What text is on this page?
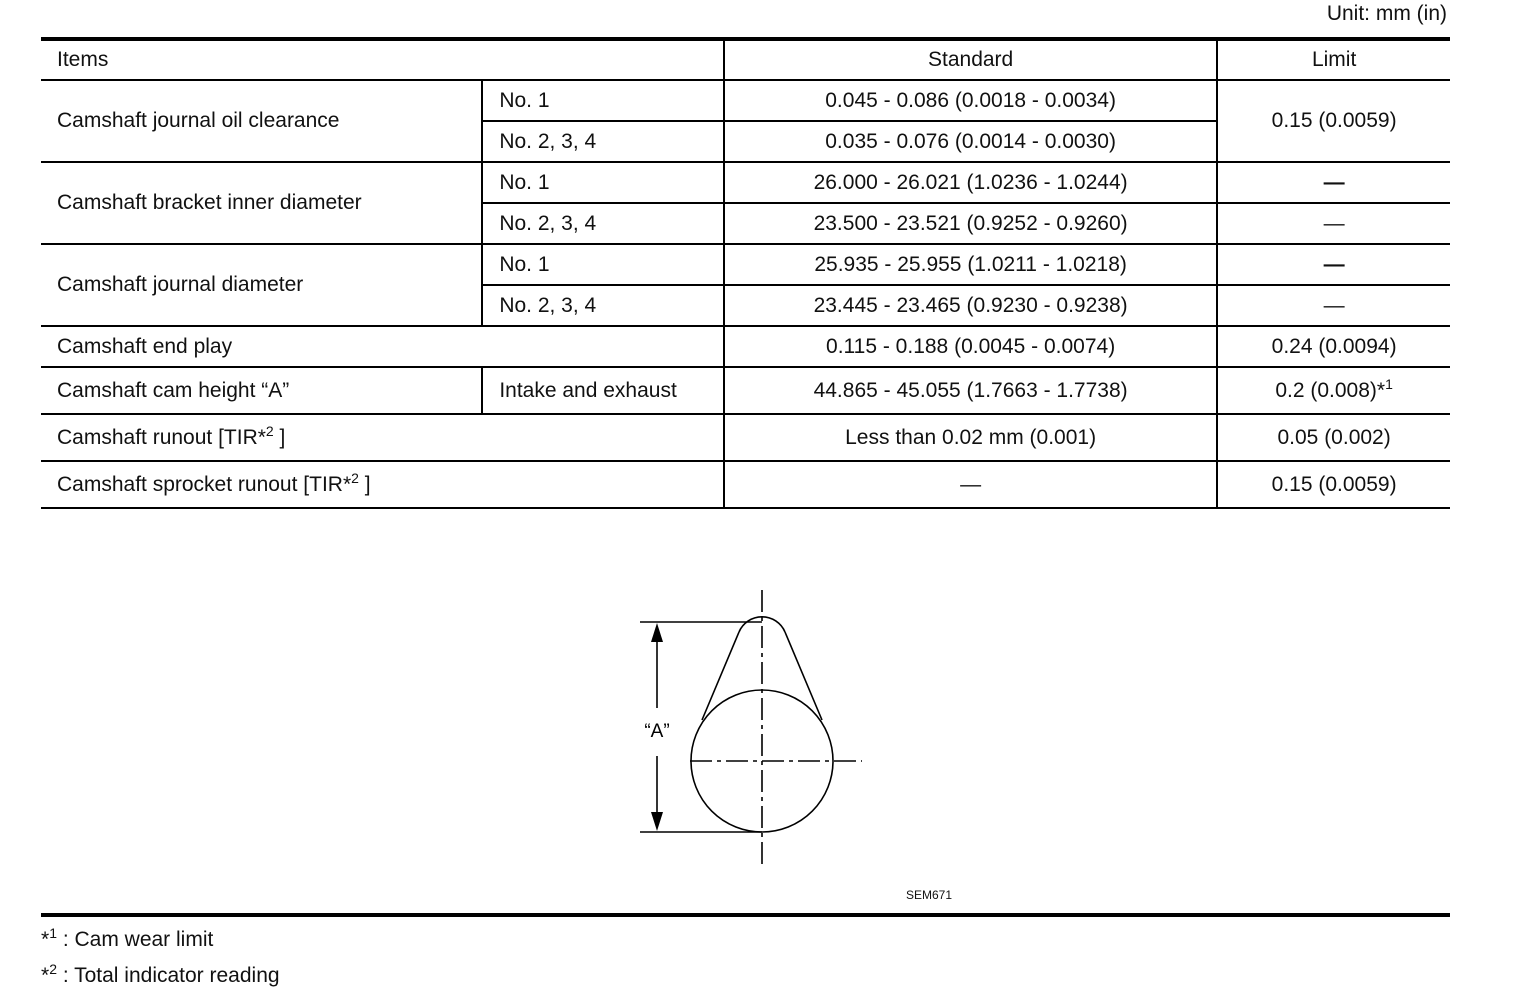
Unit: mm (in)
Items		Standard	Limit
Camshaft journal oil clearance	No. 1	0.045 - 0.086 (0.0018 - 0.0034)	0.15 (0.0059)
	No. 2, 3, 4	0.035 - 0.076 (0.0014 - 0.0030)	
Camshaft bracket inner diameter	No. 1	26.000 - 26.021 (1.0236 - 1.0244)	—
	No. 2, 3, 4	23.500 - 23.521 (0.9252 - 0.9260)	—
Camshaft journal diameter	No. 1	25.935 - 25.955 (1.0211 - 1.0218)	—
	No. 2, 3, 4	23.445 - 23.465 (0.9230 - 0.9238)	—
Camshaft end play		0.115 - 0.188 (0.0045 - 0.0074)	0.24 (0.0094)
Camshaft cam height “A”	Intake and exhaust	44.865 - 45.055 (1.7663 - 1.7738)	0.2 (0.008)*$^1$
Camshaft runout [TIR*$^2$ ]		Less than 0.02 mm (0.001)	0.05 (0.002)
Camshaft sprocket runout [TIR*$^2$ ]		—	0.15 (0.0059)
“A”
SEM671
*$^1$ : Cam wear limit
*$^2$ : Total indicator reading
